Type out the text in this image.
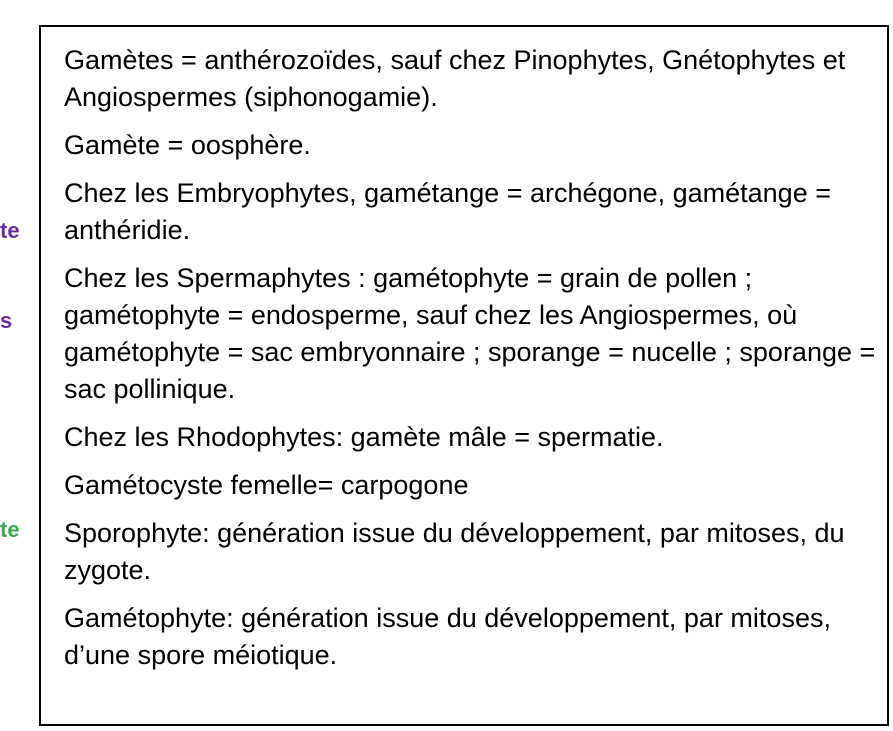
te
s
te

Gamètes = anthérozoïdes, sauf chez Pinophytes, Gnétophytes et Angiospermes (siphonogamie).

Gamète = oosphère.

Chez les Embryophytes, gamétange = archégone, gamétange = anthéridie.

Chez les Spermaphytes : gamétophyte = grain de pollen ; gamétophyte = endosperme, sauf chez les Angiospermes, où gamétophyte = sac embryonnaire ; sporange = nucelle ; sporange = sac pollinique.

Chez les Rhodophytes: gamète mâle = spermatie.

Gamétocyste femelle= carpogone

Sporophyte: génération issue du développement, par mitoses, du zygote.

Gamétophyte: génération issue du développement, par mitoses, d’une spore méiotique.
